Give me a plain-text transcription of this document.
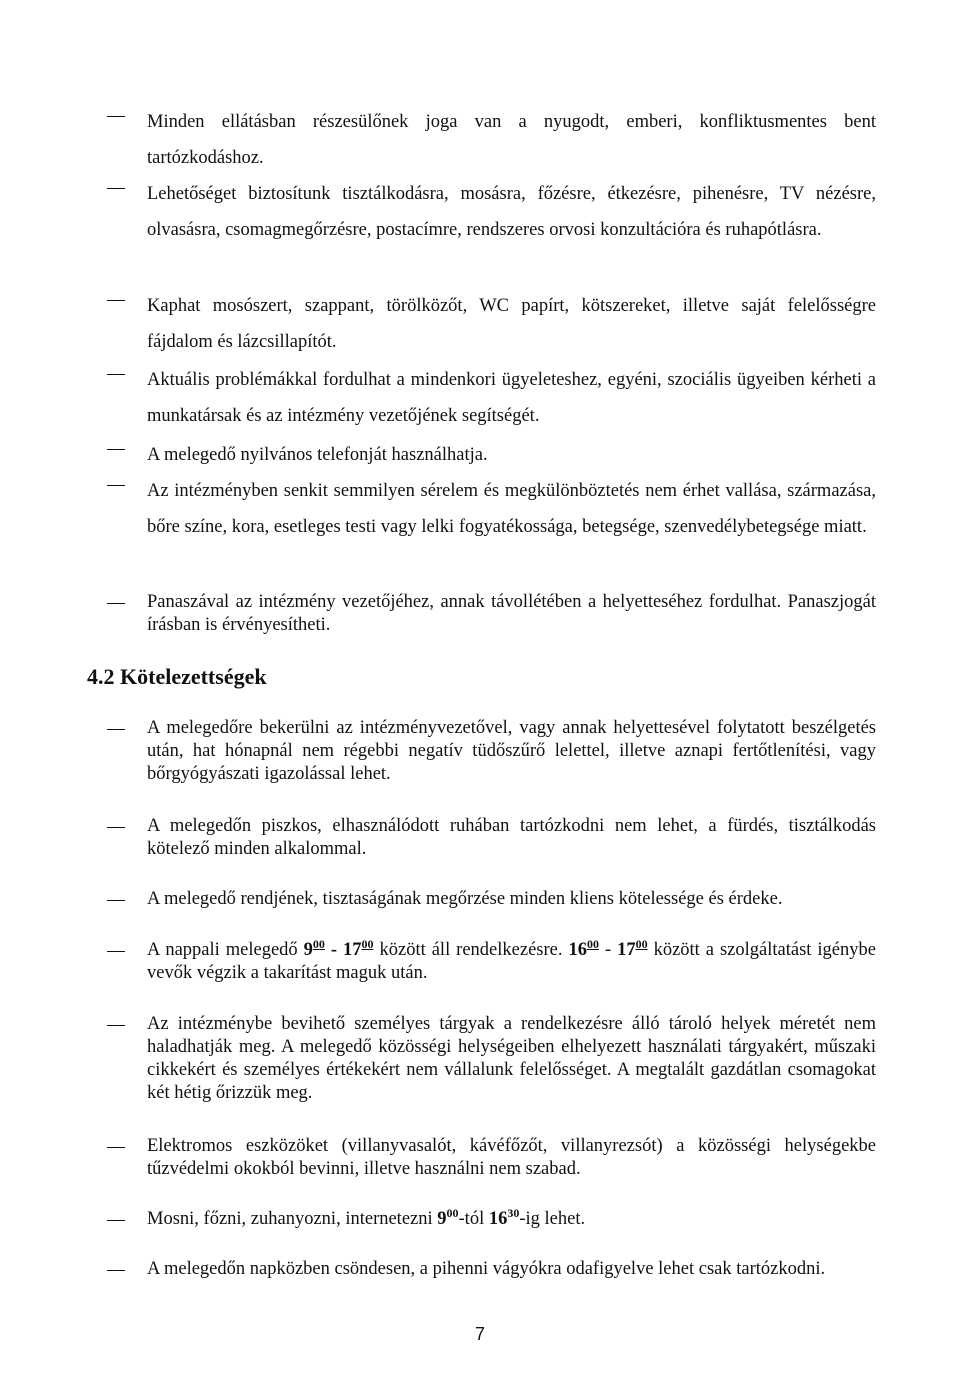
Minden ellátásban részesülőnek joga van a nyugodt, emberi, konfliktusmentes bent tartózkodáshoz.

Lehetőséget biztosítunk tisztálkodásra, mosásra, főzésre, étkezésre, pihenésre, TV nézésre, olvasásra, csomagmegőrzésre, postacímre, rendszeres orvosi konzultációra és ruhapótlásra.

Kaphat mosószert, szappant, törölközőt, WC papírt, kötszereket, illetve saját felelősségre fájdalom és lázcsillapítót.

Aktuális problémákkal fordulhat a mindenkori ügyeleteshez, egyéni, szociális ügyeiben kérheti a munkatársak és az intézmény vezetőjének segítségét.

A melegedő nyilvános telefonját használhatja.

Az intézményben senkit semmilyen sérelem és megkülönböztetés nem érhet vallása, származása, bőre színe, kora, esetleges testi vagy lelki fogyatékossága, betegsége, szenvedélybetegsége miatt.

Panaszával az intézmény vezetőjéhez, annak távollétében a helyetteséhez fordulhat. Panaszjogát írásban is érvényesítheti.

4.2 Kötelezettségek

A melegedőre bekerülni az intézményvezetővel, vagy annak helyettesével folytatott beszélgetés után, hat hónapnál nem régebbi negatív tüdőszűrő lelettel, illetve aznapi fertőtlenítési, vagy bőrgyógyászati igazolással lehet.

A melegedőn piszkos, elhasználódott ruhában tartózkodni nem lehet, a fürdés, tisztálkodás kötelező minden alkalommal.

A melegedő rendjének, tisztaságának megőrzése minden kliens kötelessége és érdeke.

A nappali melegedő $9^{00} - 17^{00}$ között áll rendelkezésre. $16^{00} - 17^{00}$ között a szolgáltatást igénybe vevők végzik a takarítást maguk után.

Az intézménybe bevihető személyes tárgyak a rendelkezésre álló tároló helyek méretét nem haladhatják meg. A melegedő közösségi helységeiben elhelyezett használati tárgyakért, műszaki cikkekért és személyes értékekért nem vállalunk felelősséget. A megtalált gazdátlan csomagokat két hétig őrizzük meg.

Elektromos eszközöket (villanyvasalót, kávéfőzőt, villanyrezsót) a közösségi helységekbe tűzvédelmi okokból bevinni, illetve használni nem szabad.

Mosni, főzni, zuhanyozni, internetezni $9^{00}$-tól $16^{30}-ig$ lehet.

A melegedőn napközben csöndesen, a pihenni vágyókra odafigyelve lehet csak tartózkodni.

7
